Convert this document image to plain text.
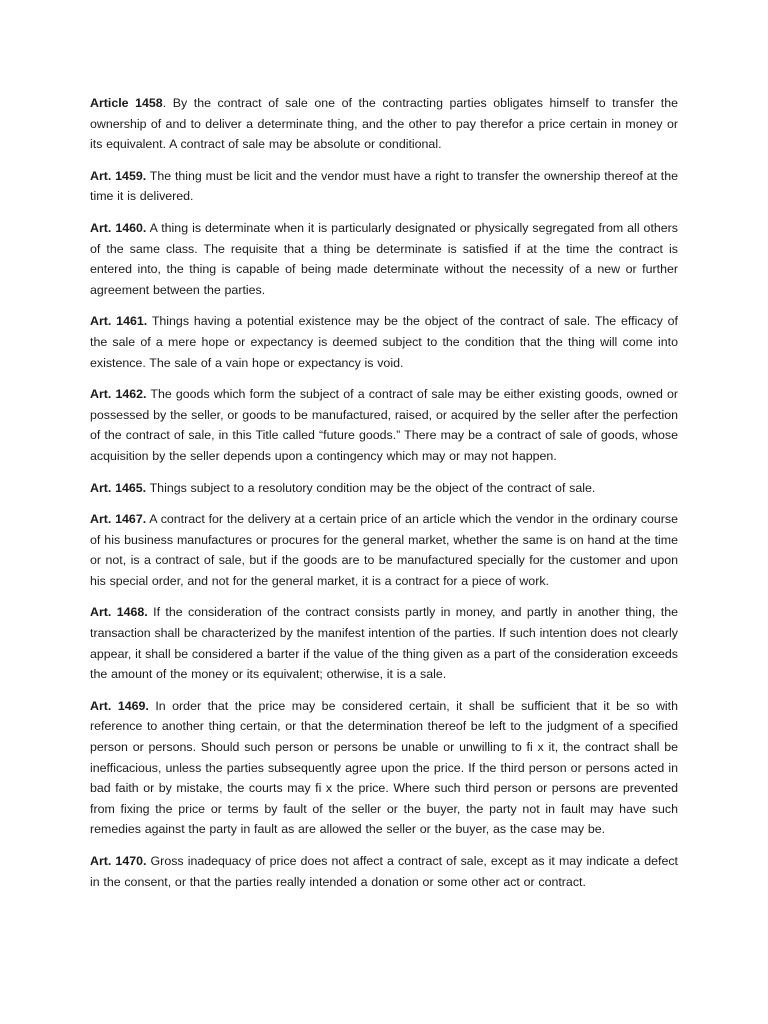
Article 1458. By the contract of sale one of the contracting parties obligates himself to transfer the ownership of and to deliver a determinate thing, and the other to pay therefor a price certain in money or its equivalent. A contract of sale may be absolute or conditional.

Art. 1459. The thing must be licit and the vendor must have a right to transfer the ownership thereof at the time it is delivered.

Art. 1460. A thing is determinate when it is particularly designated or physically segregated from all others of the same class. The requisite that a thing be determinate is satisfied if at the time the contract is entered into, the thing is capable of being made determinate without the necessity of a new or further agreement between the parties.

Art. 1461. Things having a potential existence may be the object of the contract of sale. The efficacy of the sale of a mere hope or expectancy is deemed subject to the condition that the thing will come into existence. The sale of a vain hope or expectancy is void.

Art. 1462. The goods which form the subject of a contract of sale may be either existing goods, owned or possessed by the seller, or goods to be manufactured, raised, or acquired by the seller after the perfection of the contract of sale, in this Title called “future goods.” There may be a contract of sale of goods, whose acquisition by the seller depends upon a contingency which may or may not happen.

Art. 1465. Things subject to a resolutory condition may be the object of the contract of sale.

Art. 1467. A contract for the delivery at a certain price of an article which the vendor in the ordinary course of his business manufactures or procures for the general market, whether the same is on hand at the time or not, is a contract of sale, but if the goods are to be manufactured specially for the customer and upon his special order, and not for the general market, it is a contract for a piece of work.

Art. 1468. If the consideration of the contract consists partly in money, and partly in another thing, the transaction shall be characterized by the manifest intention of the parties. If such intention does not clearly appear, it shall be considered a barter if the value of the thing given as a part of the consideration exceeds the amount of the money or its equivalent; otherwise, it is a sale.

Art. 1469. In order that the price may be considered certain, it shall be sufficient that it be so with reference to another thing certain, or that the determination thereof be left to the judgment of a specified person or persons. Should such person or persons be unable or unwilling to fi x it, the contract shall be inefficacious, unless the parties subsequently agree upon the price. If the third person or persons acted in bad faith or by mistake, the courts may fi x the price. Where such third person or persons are prevented from fixing the price or terms by fault of the seller or the buyer, the party not in fault may have such remedies against the party in fault as are allowed the seller or the buyer, as the case may be.

Art. 1470. Gross inadequacy of price does not affect a contract of sale, except as it may indicate a defect in the consent, or that the parties really intended a donation or some other act or contract.
